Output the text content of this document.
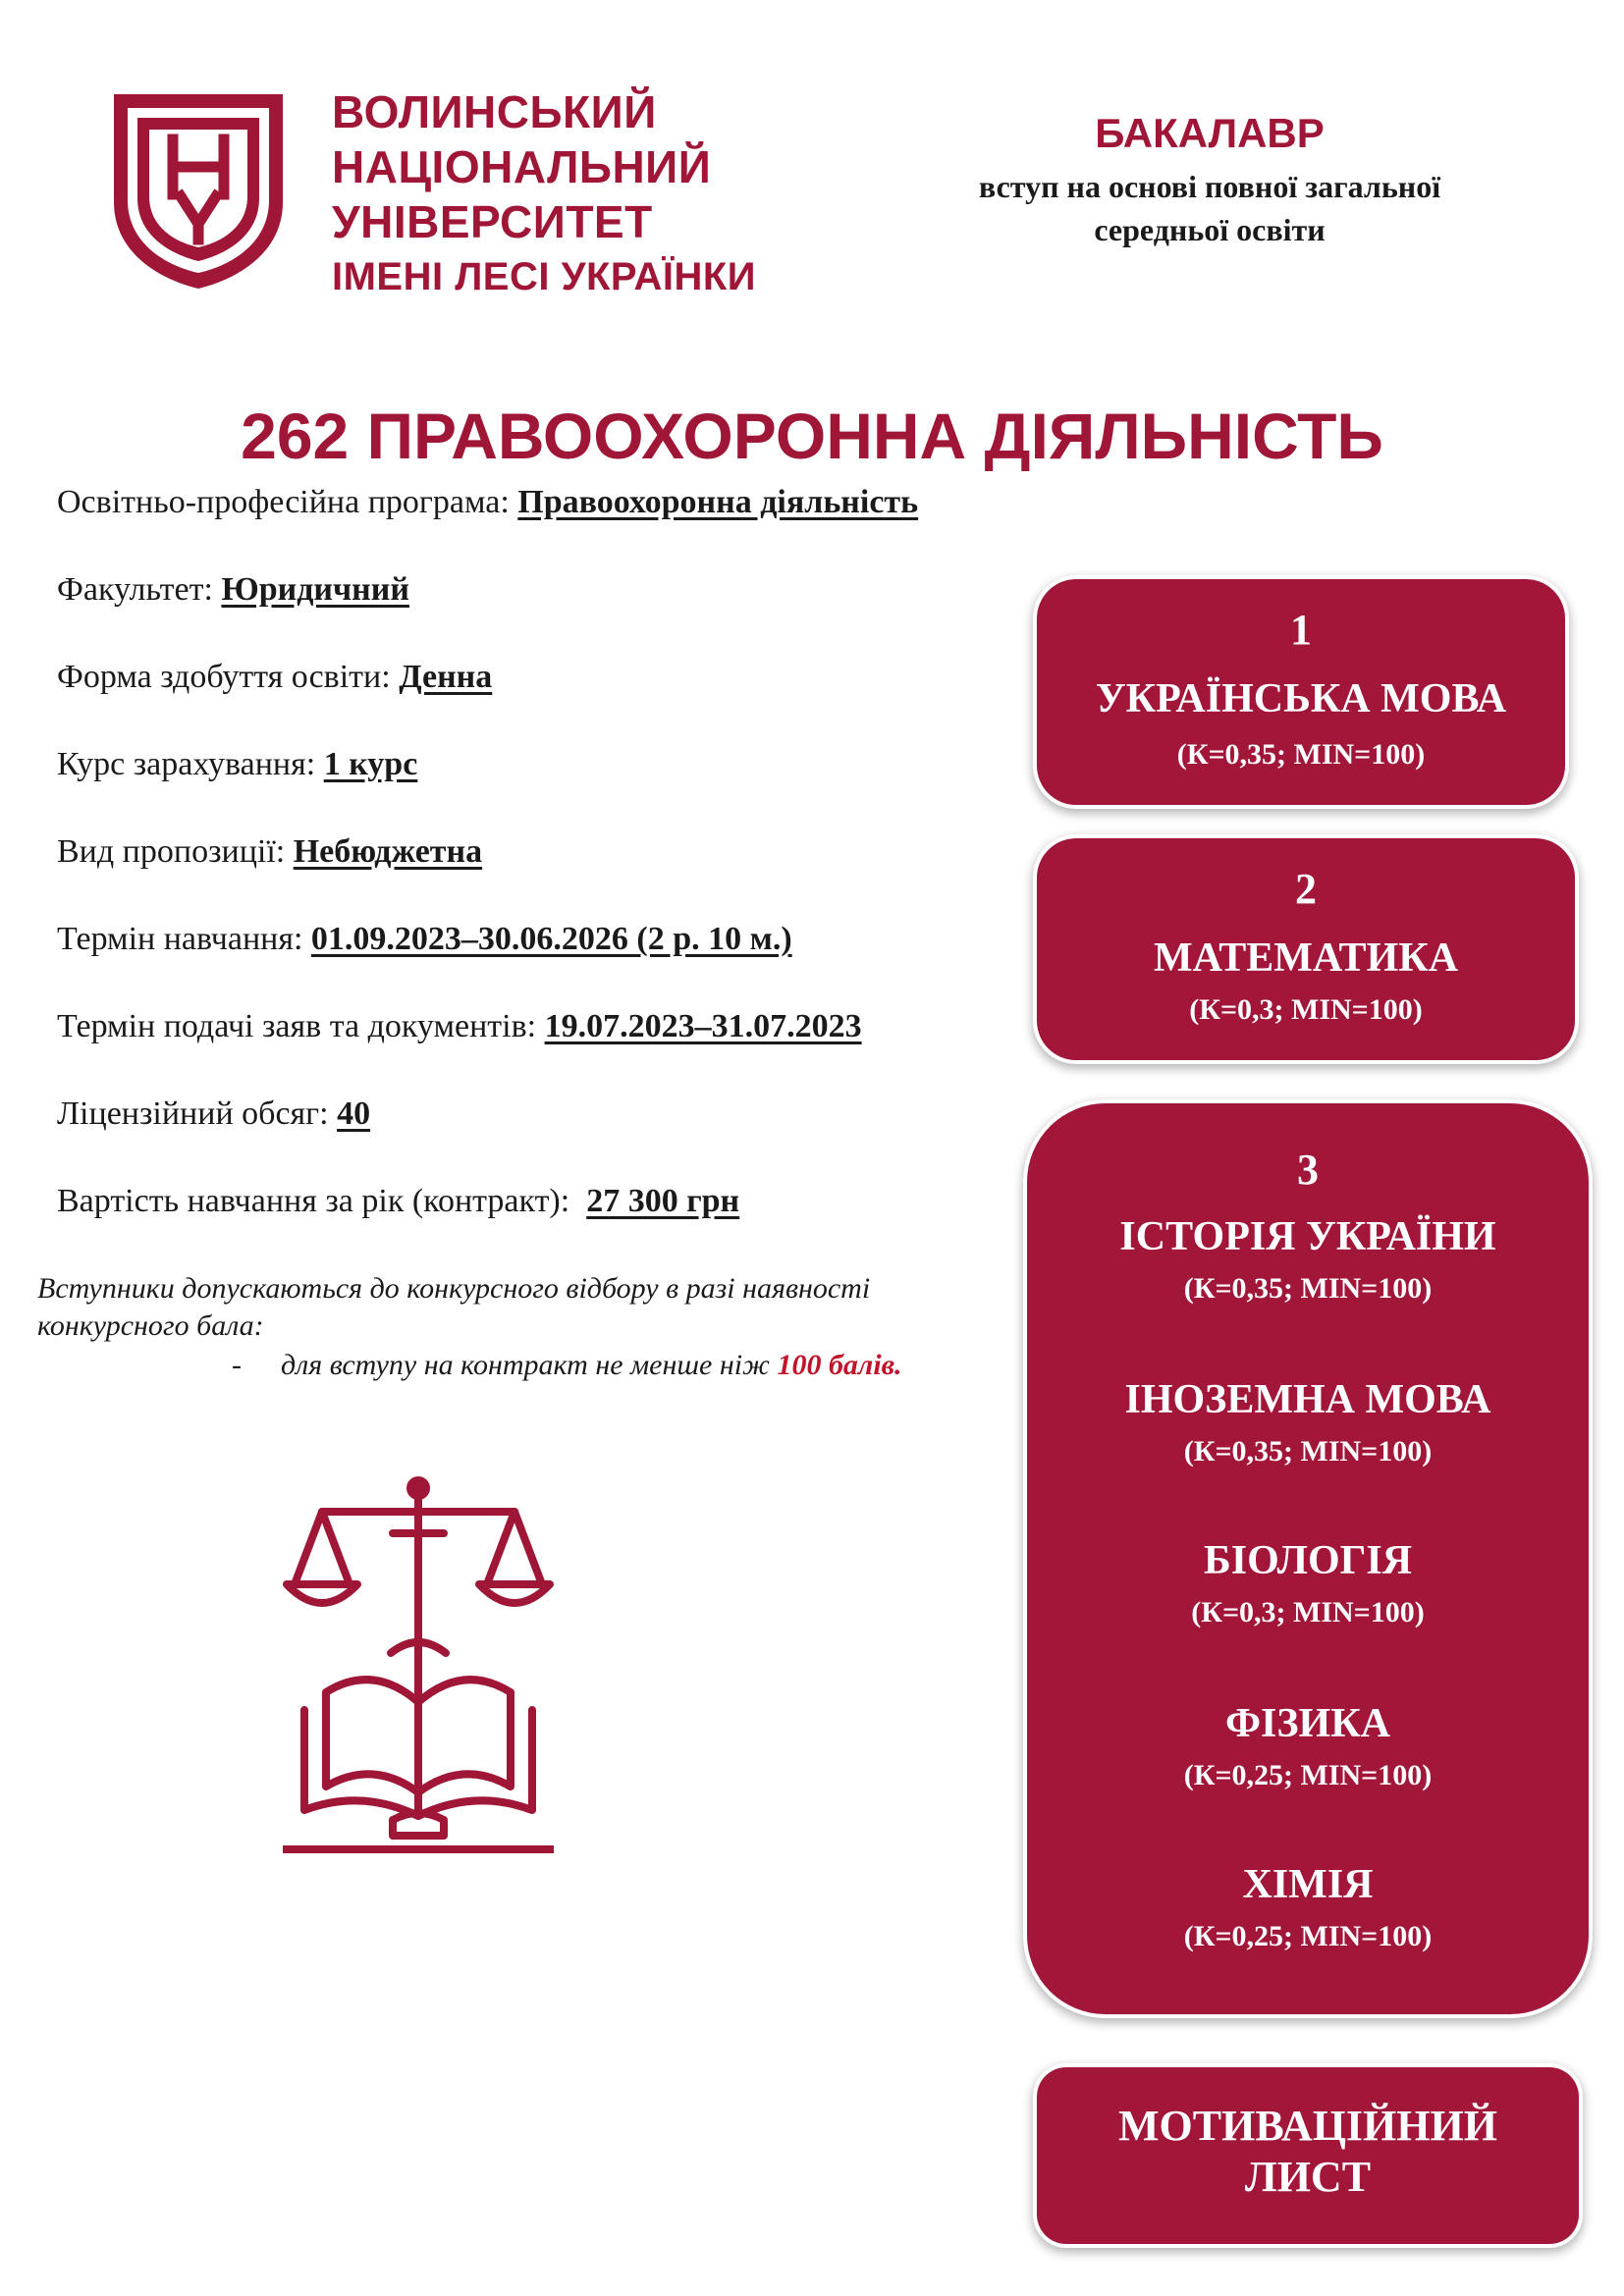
ВОЛИНСЬКИЙ
НАЦІОНАЛЬНИЙ
УНІВЕРСИТЕТ
ІМЕНІ ЛЕСІ УКРАЇНКИ
БАКАЛАВР
вступ на основі повної загальної
середньої освіти
262 ПРАВООХОРОННА ДІЯЛЬНІСТЬ
Освітньо-професійна програма: Правоохоронна діяльність
Факультет: Юридичний
Форма здобуття освіти: Денна
Курс зарахування: 1 курс
Вид пропозиції: Небюджетна
Термін навчання: 01.09.2023–30.06.2026 (2 р. 10 м.)
Термін подачі заяв та документів: 19.07.2023–31.07.2023
Ліцензійний обсяг: 40
Вартість навчання за рік (контракт):  27 300 грн
Вступники допускаються до конкурсного відбору в разі наявності
конкурсного бала:
- для вступу на контракт не менше ніж 100 балів.
1
УКРАЇНСЬКА МОВА
(К=0,35; MIN=100)
2
МАТЕМАТИКА
(К=0,3; MIN=100)
3
ІСТОРІЯ УКРАЇНИ
(К=0,35; MIN=100)
ІНОЗЕМНА МОВА
(К=0,35; MIN=100)
БІОЛОГІЯ
(К=0,3; MIN=100)
ФІЗИКА
(К=0,25; MIN=100)
ХІМІЯ
(К=0,25; MIN=100)
МОТИВАЦІЙНИЙ ЛИСТ
